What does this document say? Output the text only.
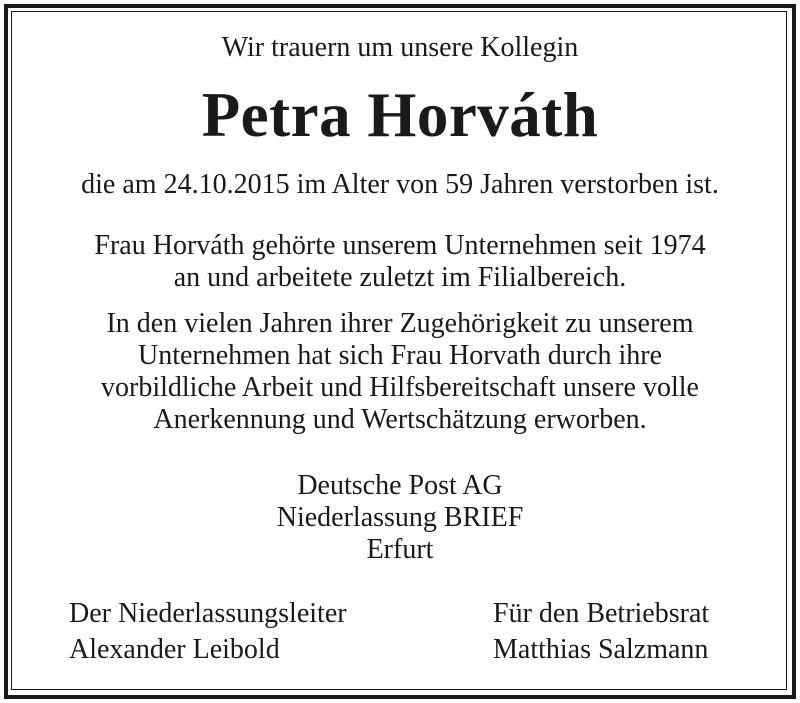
Wir trauern um unsere Kollegin

Petra Horváth

die am 24.10.2015 im Alter von 59 Jahren verstorben ist.

Frau Horváth gehörte unserem Unternehmen seit 1974
an und arbeitete zuletzt im Filialbereich.

In den vielen Jahren ihrer Zugehörigkeit zu unserem
Unternehmen hat sich Frau Horvath durch ihre
vorbildliche Arbeit und Hilfsbereitschaft unsere volle
Anerkennung und Wertschätzung erworben.

Deutsche Post AG
Niederlassung BRIEF
Erfurt

Der Niederlassungsleiter
Alexander Leibold
Für den Betriebsrat
Matthias Salzmann
